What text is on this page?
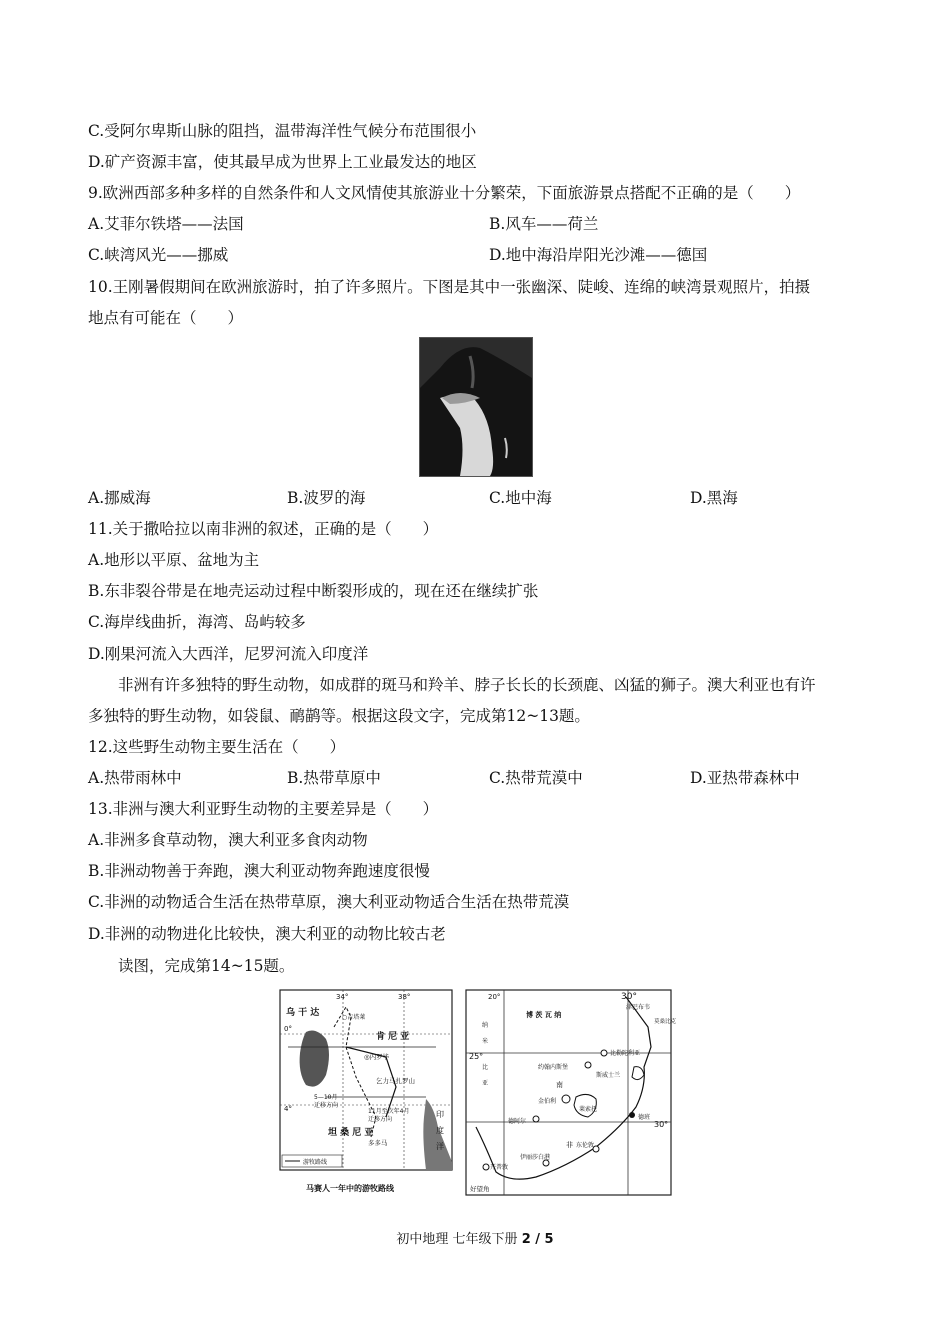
C.受阿尔卑斯山脉的阻挡，温带海洋性气候分布范围很小
D.矿产资源丰富，使其最早成为世界上工业最发达的地区
9.欧洲西部多种多样的自然条件和人文风情使其旅游业十分繁荣，下面旅游景点搭配不正确的是（　　）
A.艾菲尔铁塔——法国	B.风车——荷兰
C.峡湾风光——挪威	D.地中海沿岸阳光沙滩——德国
10.王刚暑假期间在欧洲旅游时，拍了许多照片。下图是其中一张幽深、陡峻、连绵的峡湾景观照片，拍摄
地点有可能在（　　）
A.挪威海	B.波罗的海	C.地中海	D.黑海
11.关于撒哈拉以南非洲的叙述，正确的是（　　）
A.地形以平原、盆地为主
B.东非裂谷带是在地壳运动过程中断裂形成的，现在还在继续扩张
C.海岸线曲折，海湾、岛屿较多
D.刚果河流入大西洋，尼罗河流入印度洋
非洲有许多独特的野生动物，如成群的斑马和羚羊、脖子长长的长颈鹿、凶猛的狮子。澳大利亚也有许
多独特的野生动物，如袋鼠、鸸鹋等。根据这段文字，完成第12~13题。
12.这些野生动物主要生活在（　　）
A.热带雨林中	B.热带草原中	C.热带荒漠中	D.亚热带森林中
13.非洲与澳大利亚野生动物的主要差异是（　　）
A.非洲多食草动物，澳大利亚多食肉动物
B.非洲动物善于奔跑，澳大利亚动物奔跑速度很慢
C.非洲的动物适合生活在热带草原，澳大利亚动物适合生活在热带荒漠
D.非洲的动物进化比较快，澳大利亚的动物比较古老
读图，完成第14~15题。
34°	38°
0°
4°
乌 干 达
肯 尼 亚
坦 桑 尼 亚
○吉塔莱
◎内罗毕
多多马
乞力马扎罗山
5—10月
迁移方向
11月至次年4月
迁移方向
印
度
洋
游牧路线
马赛人一年中的游牧路线
20°	30°
25°
30°
博 茨 瓦 纳
纳
米
比
亚
津巴布韦
莫桑比克
比勒陀利亚
约翰内斯堡
斯威士兰
南
金伯利
德阿尔
莱索托
德班
非
开普敦
伊丽莎白港
东伦敦
好望角
初中地理 七年级下册 2 / 5
